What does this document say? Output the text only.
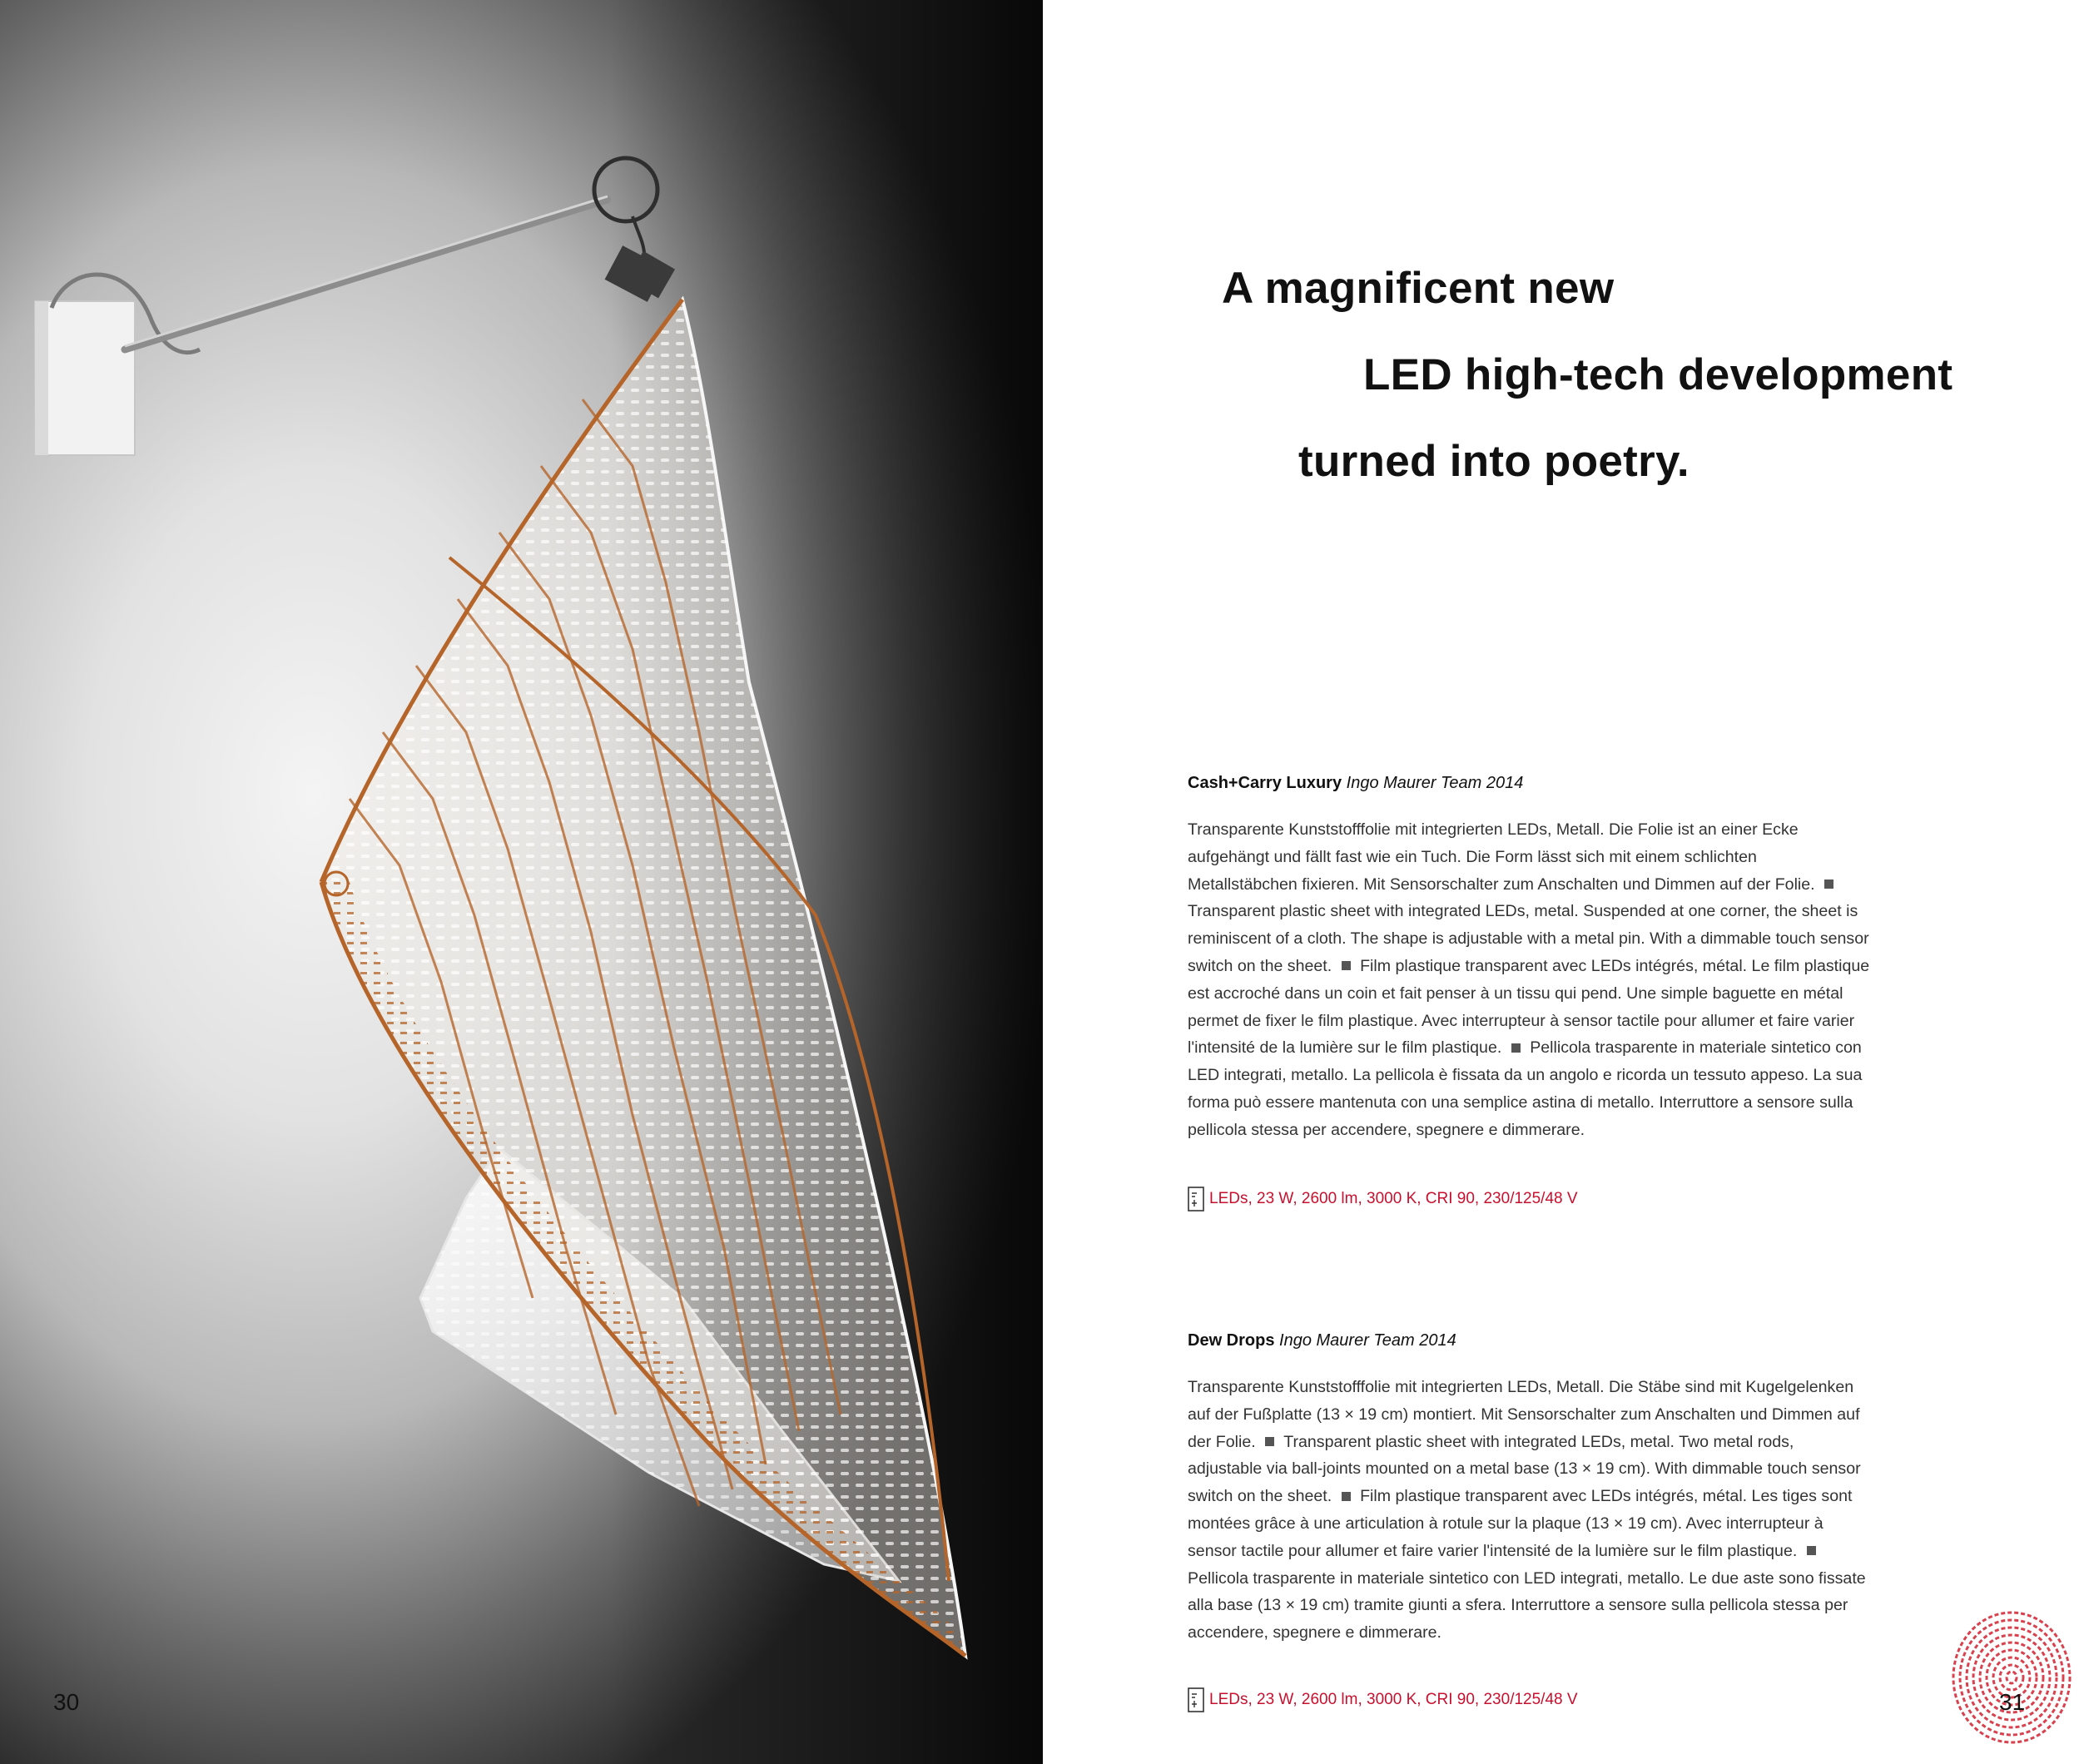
30
A magnificent new
LED high-tech development
turned into poetry.
Cash+Carry Luxury Ingo Maurer Team 2014
Transparente Kunststofffolie mit integrierten LEDs, Metall. Die Folie ist an einer Ecke aufgehängt und fällt fast wie ein Tuch. Die Form lässt sich mit einem schlichten Metallstäbchen fixieren. Mit Sensorschalter zum Anschalten und Dimmen auf der Folie.  Transparent plastic sheet with integrated LEDs, metal. Suspended at one corner, the sheet is reminiscent of a cloth. The shape is adjustable with a metal pin. With a dimmable touch sensor switch on the sheet. Film plastique transparent avec LEDs intégrés, métal. Le film plastique est accroché dans un coin et fait penser à un tissu qui pend. Une simple baguette en métal permet de fixer le film plastique. Avec interrupteur à sensor tactile pour allumer et faire varier l'intensité de la lumière sur le film plastique. Pellicola trasparente in materiale sintetico con LED integrati, metallo. La pellicola è fissata da un angolo e ricorda un tessuto appeso. La sua forma può essere mantenuta con una semplice astina di metallo. Interruttore a sensore sulla pellicola stessa per accendere, spegnere e dimmerare.
LEDs, 23 W, 2600 lm, 3000 K, CRI 90, 230/125/48 V
Dew Drops Ingo Maurer Team 2014
Transparente Kunststofffolie mit integrierten LEDs, Metall. Die Stäbe sind mit Kugelgelenken auf der Fußplatte (13 × 19 cm) montiert. Mit Sensorschalter zum Anschalten und Dimmen auf der Folie. Transparent plastic sheet with integrated LEDs, metal. Two metal rods, adjustable via ball-joints mounted on a metal base (13 × 19 cm). With dimmable touch sensor switch on the sheet. Film plastique transparent avec LEDs intégrés, métal. Les tiges sont montées grâce à une articulation à rotule sur la plaque (13 × 19 cm). Avec interrupteur à sensor tactile pour allumer et faire varier l'intensité de la lumière sur le film plastique.  Pellicola trasparente in materiale sintetico con LED integrati, metallo. Le due aste sono fissate alla base (13 × 19 cm) tramite giunti a sfera. Interruttore a sensore sulla pellicola stessa per accendere, spegnere e dimmerare.
LEDs, 23 W, 2600 lm, 3000 K, CRI 90, 230/125/48 V	31
